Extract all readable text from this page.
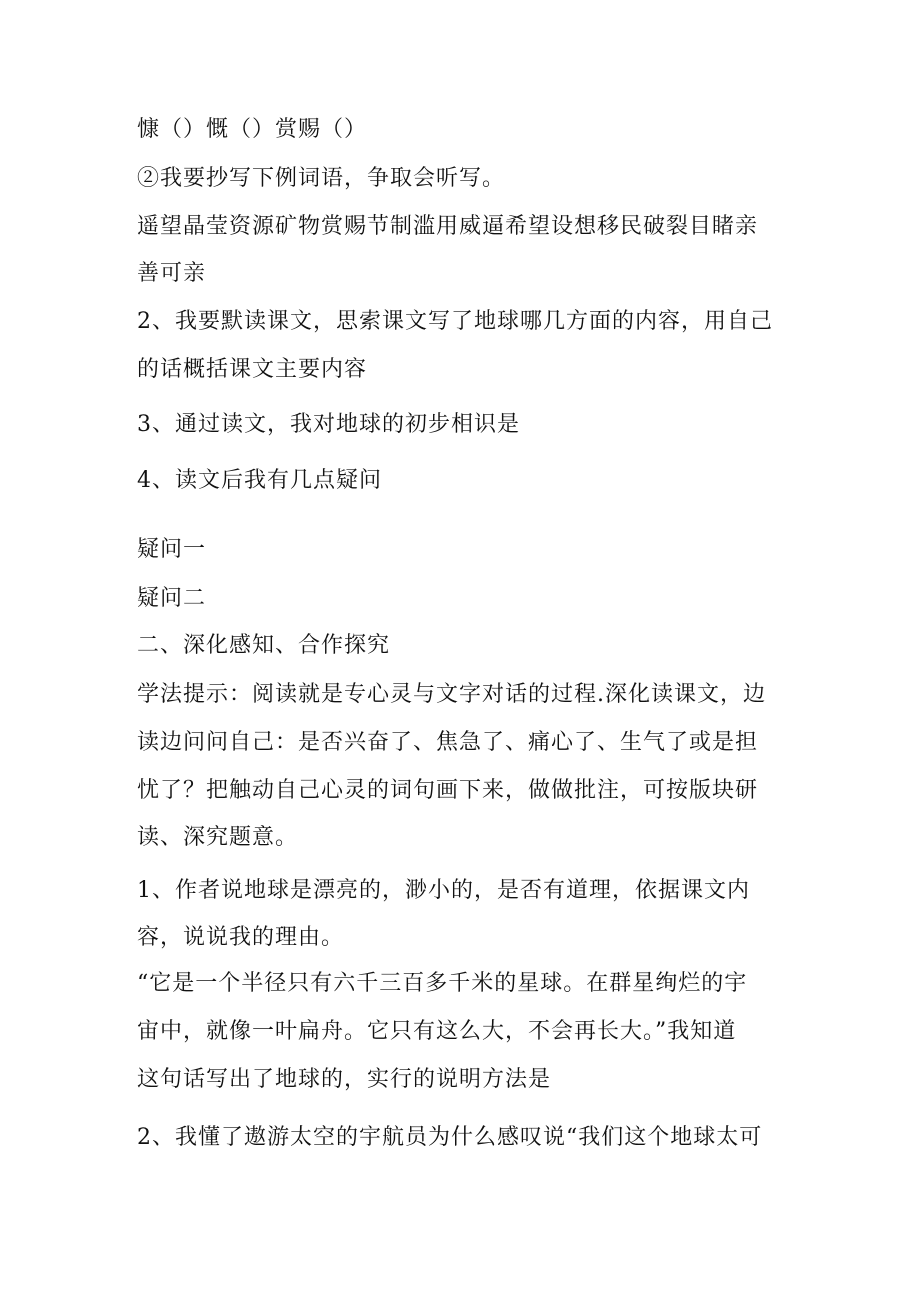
慷（）慨（）赏赐（）
②我要抄写下例词语，争取会听写。
遥望晶莹资源矿物赏赐节制滥用威逼希望设想移民破裂目睹亲
善可亲
2、我要默读课文，思索课文写了地球哪几方面的内容，用自己
的话概括课文主要内容
3、通过读文，我对地球的初步相识是
4、读文后我有几点疑问
疑问一
疑问二
二、深化感知、合作探究
学法提示：阅读就是专心灵与文字对话的过程.深化读课文，边
读边问问自己：是否兴奋了、焦急了、痛心了、生气了或是担
忧了？把触动自己心灵的词句画下来，做做批注，可按版块研
读、深究题意。
1、作者说地球是漂亮的，渺小的，是否有道理，依据课文内
容，说说我的理由。
“它是一个半径只有六千三百多千米的星球。在群星绚烂的宇
宙中，就像一叶扁舟。它只有这么大，不会再长大。”我知道
这句话写出了地球的，实行的说明方法是
2、我懂了遨游太空的宇航员为什么感叹说“我们这个地球太可
